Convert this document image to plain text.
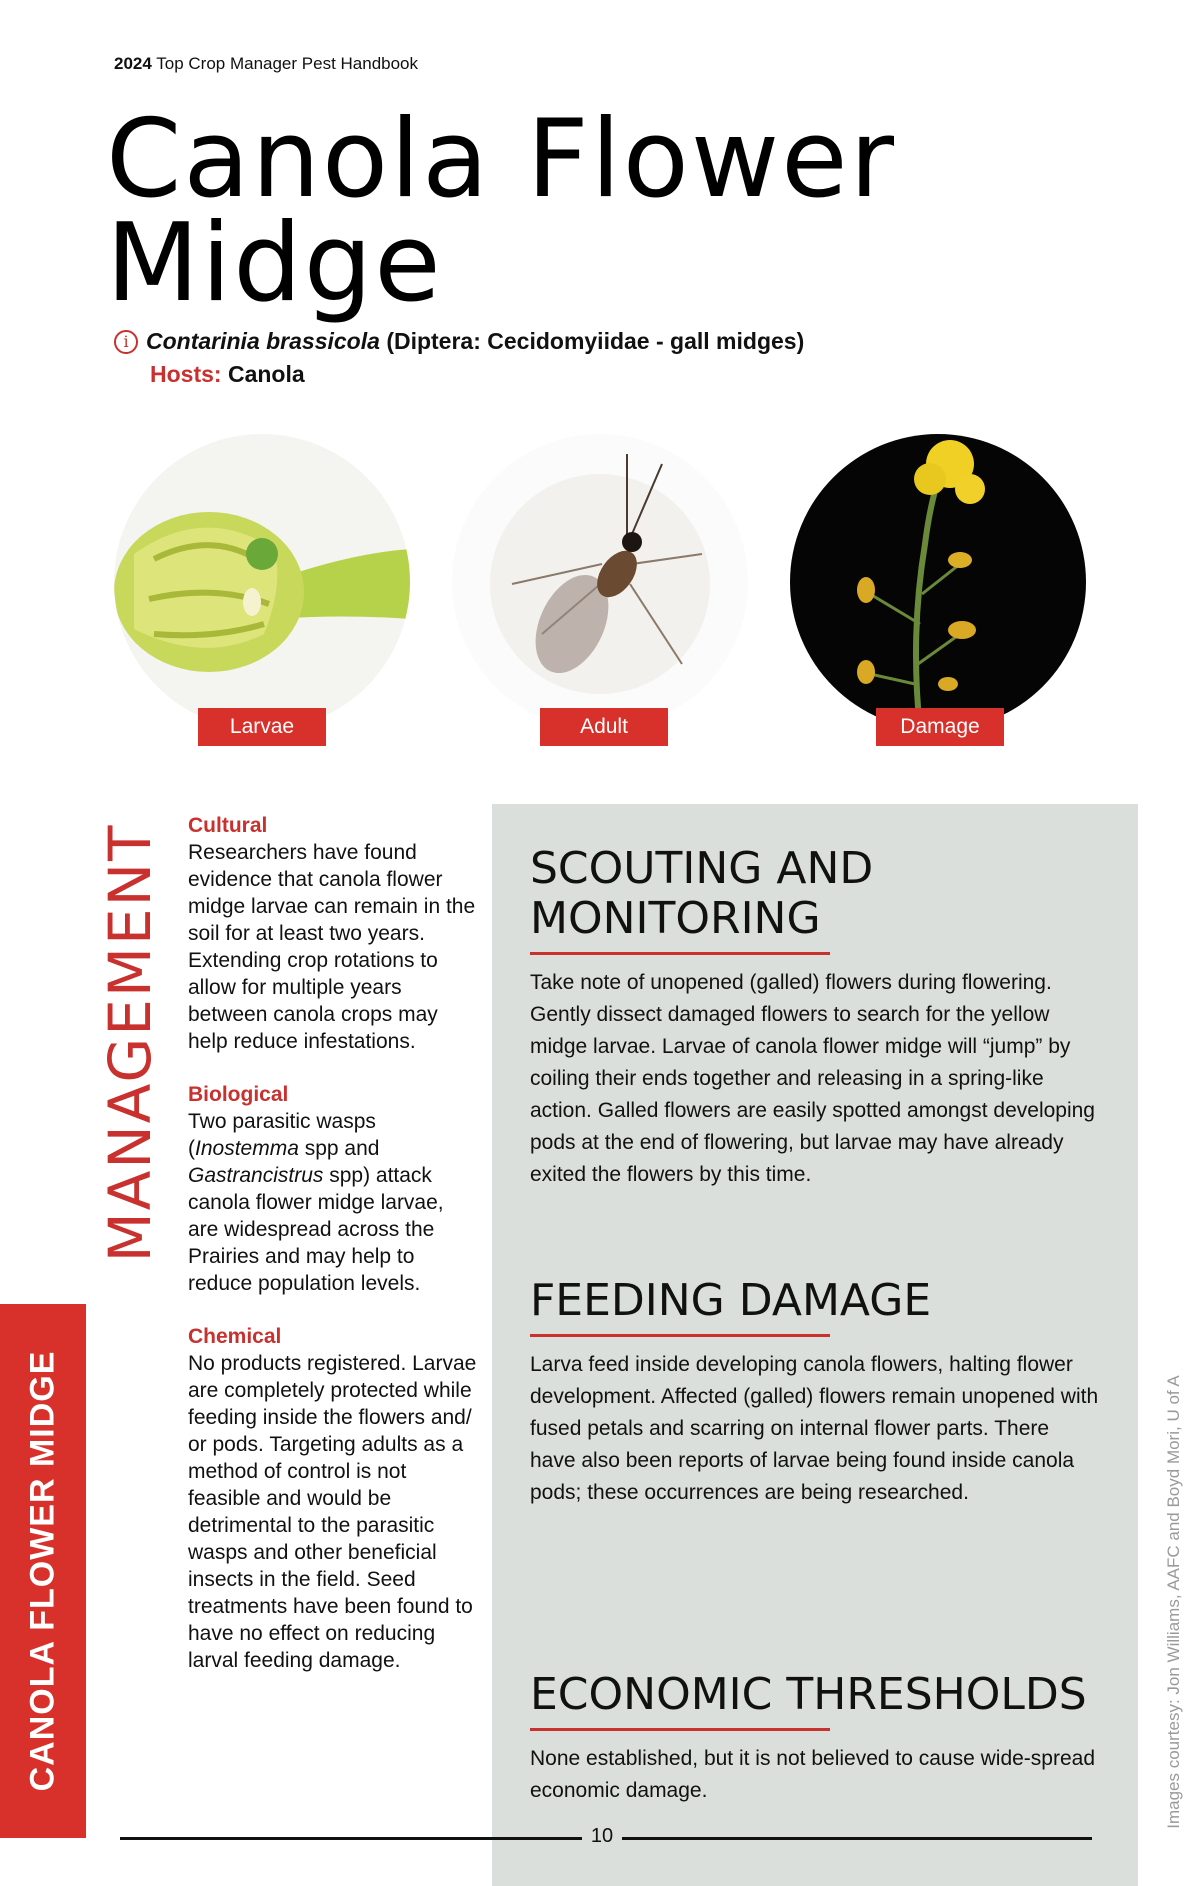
2024 Top Crop Manager Pest Handbook
Canola Flower
Midge
i Contarinia brassicola
(Diptera: Cecidomyiidae - gall midges)
Hosts: Canola
Larvae	Adult	Damage
MANAGEMENT
CANOLA FLOWER MIDGE
Cultural

Researchers have found evidence that canola flower midge larvae can remain in the soil for at least two years. Extending crop rotations to allow for multiple years between canola crops may help reduce infestations.

Biological

Two parasitic wasps (Inostemma spp and Gastrancistrus spp) attack canola flower midge larvae, are widespread across the Prairies and may help to reduce population levels.

Chemical

No products registered. Larvae are completely protected while feeding inside the flowers and/ or pods. Targeting adults as a method of control is not feasible and would be detrimental to the parasitic wasps and other beneficial insects in the field. Seed treatments have been found to have no effect on reducing larval feeding damage.

SCOUTING AND
MONITORING

Take note of unopened (galled) flowers during flowering. Gently dissect damaged flowers to search for the yellow midge larvae. Larvae of canola flower midge will “jump” by coiling their ends together and releasing in a spring-like action. Galled flowers are easily spotted amongst developing pods at the end of flowering, but larvae may have already exited the flowers by this time.

FEEDING DAMAGE

Larva feed inside developing canola flowers, halting flower development. Affected (galled) flowers remain unopened with fused petals and scarring on internal flower parts. There have also been reports of larvae being found inside canola pods; these occurrences are being researched.

ECONOMIC THRESHOLDS

None established, but it is not believed to cause wide-spread economic damage.	Images courtesy: Jon Williams, AAFC and Boyd Mori, U of A
10
